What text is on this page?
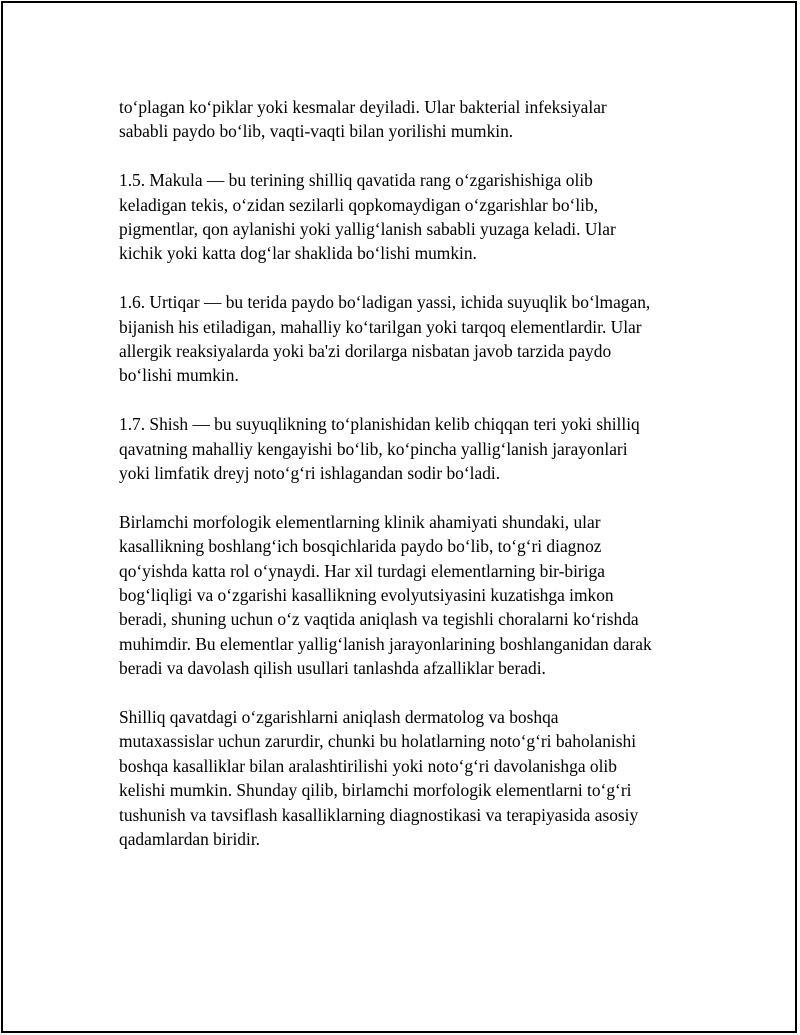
to‘plagan ko‘piklar yoki kesmalar deyiladi. Ular bakterial infeksiyalar
sababli paydo bo‘lib, vaqti-vaqti bilan yorilishi mumkin.

1.5. Makula — bu terining shilliq qavatida rang o‘zgarishishiga olib
keladigan tekis, o‘zidan sezilarli qopkomaydigan o‘zgarishlar bo‘lib,
pigmentlar, qon aylanishi yoki yallig‘lanish sababli yuzaga keladi. Ular
kichik yoki katta dog‘lar shaklida bo‘lishi mumkin.

1.6. Urtiqar — bu terida paydo bo‘ladigan yassi, ichida suyuqlik bo‘lmagan,
bijanish his etiladigan, mahalliy ko‘tarilgan yoki tarqoq elementlardir. Ular
allergik reaksiyalarda yoki ba'zi dorilarga nisbatan javob tarzida paydo
bo‘lishi mumkin.

1.7. Shish — bu suyuqlikning to‘planishidan kelib chiqqan teri yoki shilliq
qavatning mahalliy kengayishi bo‘lib, ko‘pincha yallig‘lanish jarayonlari
yoki limfatik dreyj noto‘g‘ri ishlagandan sodir bo‘ladi.

Birlamchi morfologik elementlarning klinik ahamiyati shundaki, ular
kasallikning boshlang‘ich bosqichlarida paydo bo‘lib, to‘g‘ri diagnoz
qo‘yishda katta rol o‘ynaydi. Har xil turdagi elementlarning bir-biriga
bog‘liqligi va o‘zgarishi kasallikning evolyutsiyasini kuzatishga imkon
beradi, shuning uchun o‘z vaqtida aniqlash va tegishli choralarni ko‘rishda
muhimdir. Bu elementlar yallig‘lanish jarayonlarining boshlanganidan darak
beradi va davolash qilish usullari tanlashda afzalliklar beradi.

Shilliq qavatdagi o‘zgarishlarni aniqlash dermatolog va boshqa
mutaxassislar uchun zarurdir, chunki bu holatlarning noto‘g‘ri baholanishi
boshqa kasalliklar bilan aralashtirilishi yoki noto‘g‘ri davolanishga olib
kelishi mumkin. Shunday qilib, birlamchi morfologik elementlarni to‘g‘ri
tushunish va tavsiflash kasalliklarning diagnostikasi va terapiyasida asosiy
qadamlardan biridir.
